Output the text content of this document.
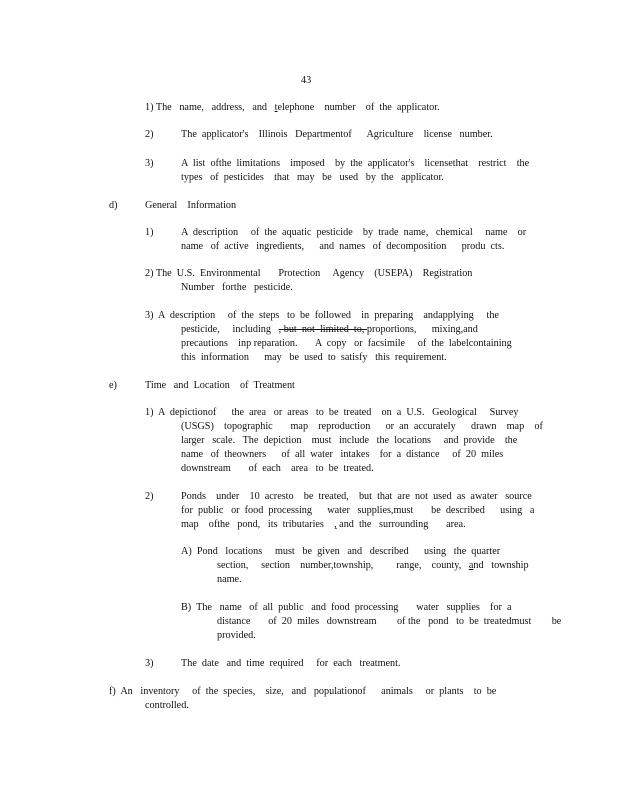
43
1) The   name,   address,   and   telephone    number    of  the  applicator.
2)	The  applicator's    Illinois   Departmentof      Agriculture    license   number.
3)	A  list  ofthe  limitations    imposed    by  the  applicator's    licensethat    restrict    the
types   of  pesticides    that   may   be   used   by  the   applicator.
d)	General    Information
1)	A  description     of  the  aquatic  pesticide    by  trade  name,   chemical     name    or
name   of  active   ingredients,      and  names   of  decomposition      produ  cts.
2) The  U.S.  Environmental       Protection     Agency    (USEPA)    Registration
Number   forthe   pesticide.
3)  A  description     of  the  steps   to  be  followed    in  preparing    andapplying     the
pesticide,     including   , but  not  limited  to, proportions,      mixing,and
precautions    inp reparation.       A  copy   or  facsimile     of  the  labelcontaining
this  information      may   be  used  to  satisfy   this  requirement.
e)	Time   and  Location    of  Treatment
1)  A  depictionof      the  area   or  areas   to  be  treated    on  a  U.S.   Geological     Survey
(USGS)    topographic       map    reproduction      or  an  accurately      drawn    map    of
larger   scale.   The  depiction    must   include   the  locations     and  provide    the
name   of  theowners      of  all  water   intakes    for  a  distance     of  20  miles
downstream       of  each    area   to  be  treated.
2)	Ponds    under    10  acresto    be  treated,    but  that  are  not  used  as  awater   source
for  public   or  food  processing      water   supplies,must       be  described      using   a
map    ofthe   pond,   its  tributaries    , and  the   surrounding       area.
A)  Pond   locations     must   be  given   and   described      using   the  quarter
section,     section    number,township,         range,    county,   and   township
name.
B)  The   name   of  all  public   and  food  processing       water   supplies    for  a
distance       of  20  miles   downstream        of the   pond   to  be  treatedmust        be
provided.
3)	The  date   and  time  required     for  each   treatment.
f)  An   inventory     of  the  species,    size,   and   populationof      animals     or  plants    to  be
controlled.
